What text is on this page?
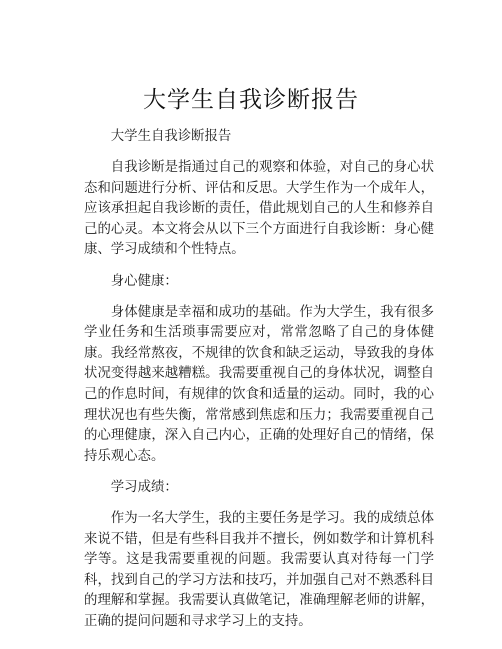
大学生自我诊断报告

大学生自我诊断报告

自我诊断是指通过自己的观察和体验，对自己的身心状态和问题进行分析、评估和反思。大学生作为一个成年人，应该承担起自我诊断的责任，借此规划自己的人生和修养自己的心灵。本文将会从以下三个方面进行自我诊断：身心健康、学习成绩和个性特点。

身心健康：

身体健康是幸福和成功的基础。作为大学生，我有很多学业任务和生活琐事需要应对，常常忽略了自己的身体健康。我经常熬夜，不规律的饮食和缺乏运动，导致我的身体状况变得越来越糟糕。我需要重视自己的身体状况，调整自己的作息时间，有规律的饮食和适量的运动。同时，我的心理状况也有些失衡，常常感到焦虑和压力；我需要重视自己的心理健康，深入自己内心，正确的处理好自己的情绪，保持乐观心态。

学习成绩：

作为一名大学生，我的主要任务是学习。我的成绩总体来说不错，但是有些科目我并不擅长，例如数学和计算机科学等。这是我需要重视的问题。我需要认真对待每一门学科，找到自己的学习方法和技巧，并加强自己对不熟悉科目的理解和掌握。我需要认真做笔记，准确理解老师的讲解，正确的提问问题和寻求学习上的支持。
